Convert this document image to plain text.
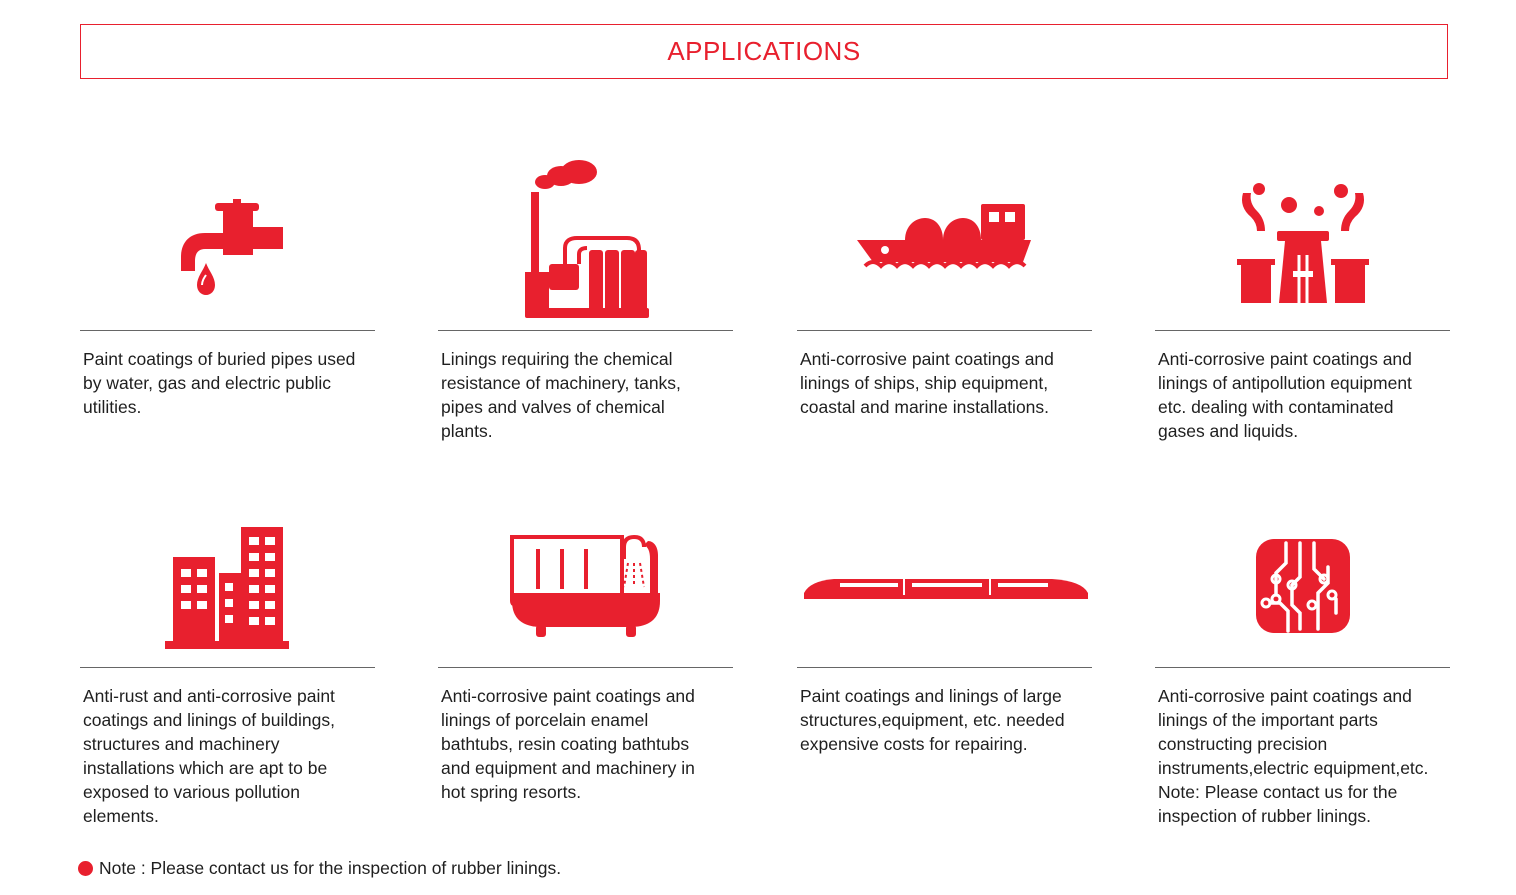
APPLICATIONS
Paint coatings of buried pipes used
by water, gas and electric public
utilities.
Linings requiring the chemical
resistance of machinery, tanks,
pipes and valves of chemical
plants.
Anti-corrosive paint coatings and
linings of ships, ship equipment,
coastal and marine installations.
Anti-corrosive paint coatings and
linings of antipollution equipment
etc. dealing with contaminated
gases and liquids.
Anti-rust and anti-corrosive paint
coatings and linings of buildings,
structures and machinery
installations which are apt to be
exposed to various pollution
elements.
Anti-corrosive paint coatings and
linings of porcelain enamel
bathtubs, resin coating bathtubs
and equipment and machinery in
hot spring resorts.
Paint coatings and linings of large
structures,equipment, etc. needed
expensive costs for repairing.
Anti-corrosive paint coatings and
linings of the important parts
constructing precision
instruments,electric equipment,etc.
Note: Please contact us for the
inspection of rubber linings.
Note : Please contact us for the inspection of rubber linings.
